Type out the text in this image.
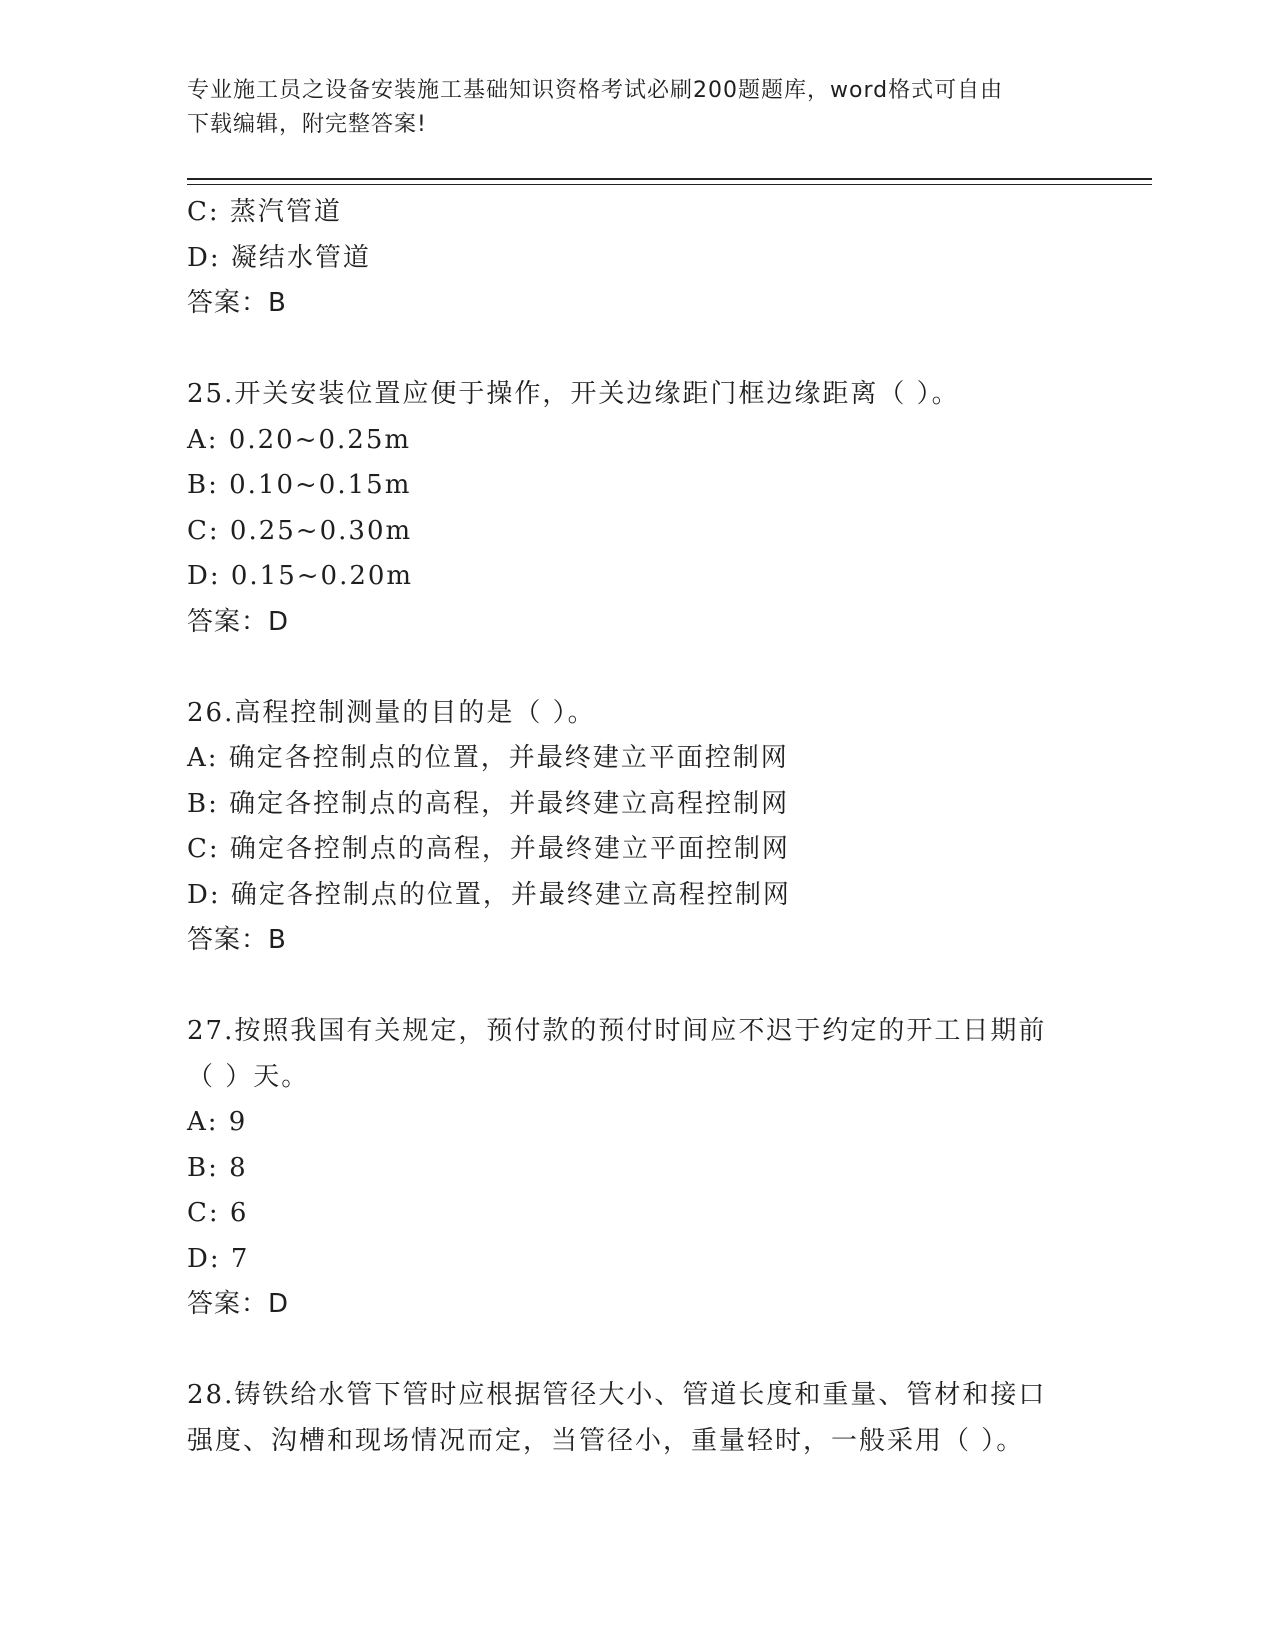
专业施工员之设备安装施工基础知识资格考试必刷200题题库，word格式可自由
下载编辑，附完整答案!
C: 蒸汽管道
D: 凝结水管道
答案：B
25.开关安装位置应便于操作，开关边缘距门框边缘距离（ ）。
A: 0.20~0.25m
B: 0.10~0.15m
C: 0.25~0.30m
D: 0.15~0.20m
答案：D
26.高程控制测量的目的是（ ）。
A: 确定各控制点的位置，并最终建立平面控制网
B: 确定各控制点的高程，并最终建立高程控制网
C: 确定各控制点的高程，并最终建立平面控制网
D: 确定各控制点的位置，并最终建立高程控制网
答案：B
27.按照我国有关规定，预付款的预付时间应不迟于约定的开工日期前
（ ）天。
A: 9
B: 8
C: 6
D: 7
答案：D
28.铸铁给水管下管时应根据管径大小、管道长度和重量、管材和接口
强度、沟槽和现场情况而定，当管径小，重量轻时，一般采用（ ）。
